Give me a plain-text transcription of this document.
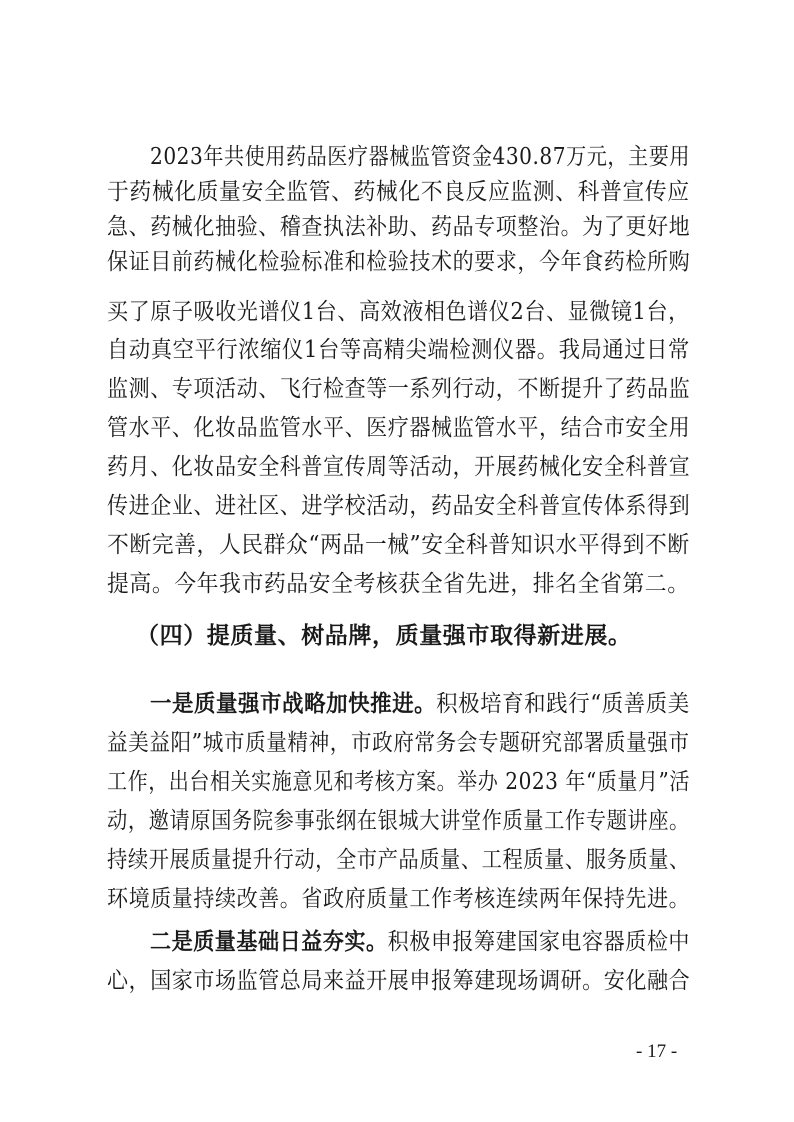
2023年共使用药品医疗器械监管资金430.87万元，主要用
于药械化质量安全监管、药械化不良反应监测、科普宣传应
急、药械化抽验、稽查执法补助、药品专项整治。为了更好地
保证目前药械化检验标准和检验技术的要求，今年食药检所购
买了原子吸收光谱仪1台、高效液相色谱仪2台、显微镜1台，
自动真空平行浓缩仪1台等高精尖端检测仪器。我局通过日常
监测、专项活动、飞行检查等一系列行动，不断提升了药品监
管水平、化妆品监管水平、医疗器械监管水平，结合市安全用
药月、化妆品安全科普宣传周等活动，开展药械化安全科普宣
传进企业、进社区、进学校活动，药品安全科普宣传体系得到
不断完善，人民群众“两品一械”安全科普知识水平得到不断
提高。今年我市药品安全考核获全省先进，排名全省第二。
（四）提质量、树品牌，质量强市取得新进展。
一是质量强市战略加快推进。积极培育和践行“质善质美
益美益阳”城市质量精神，市政府常务会专题研究部署质量强市
工作，出台相关实施意见和考核方案。举办 2023 年“质量月”活
动，邀请原国务院参事张纲在银城大讲堂作质量工作专题讲座。
持续开展质量提升行动，全市产品质量、工程质量、服务质量、
环境质量持续改善。省政府质量工作考核连续两年保持先进。
二是质量基础日益夯实。积极申报筹建国家电容器质检中
心，国家市场监管总局来益开展申报筹建现场调研。安化融合
- 17 -
